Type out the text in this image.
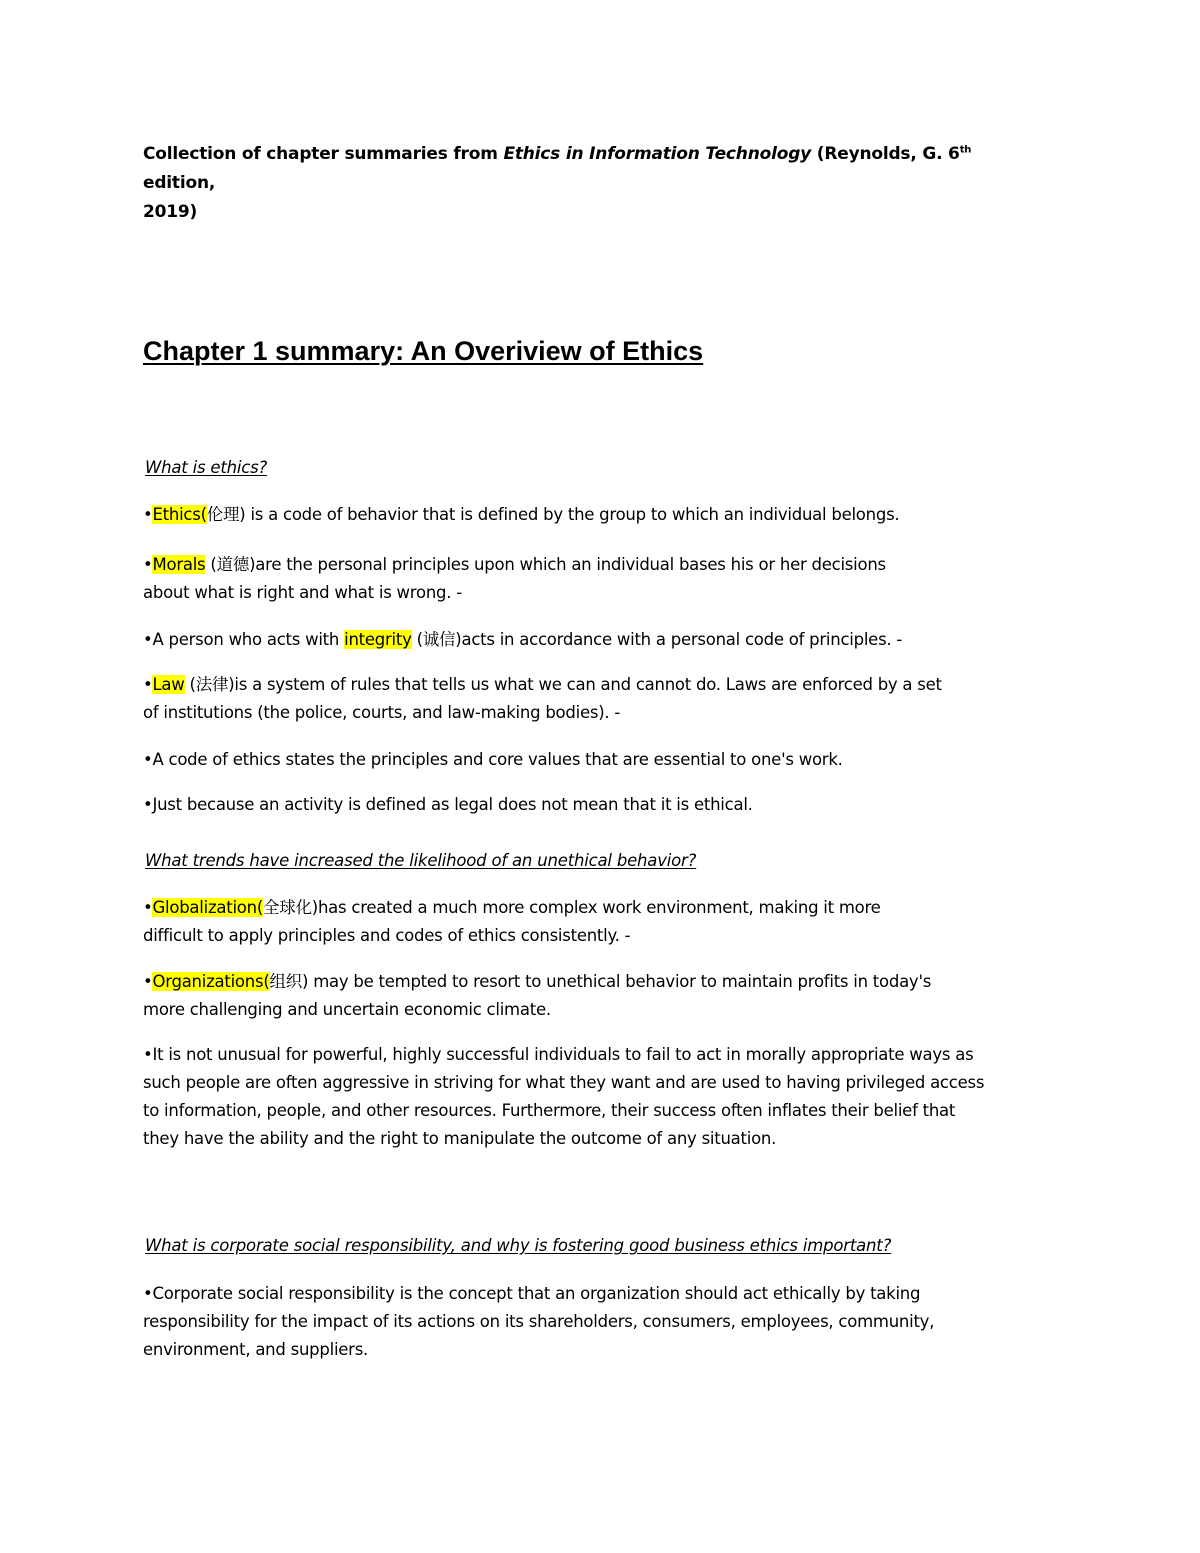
Collection of chapter summaries from Ethics in Information Technology (Reynolds, G. 6th edition,
2019)
Chapter 1 summary: An Overiview of Ethics

What is ethics?

•Ethics(伦理) is a code of behavior that is defined by the group to which an individual belongs.

•Morals (道德)are the personal principles upon which an individual bases his or her decisions
about what is right and what is wrong. -

•A person who acts with integrity (诚信)acts in accordance with a personal code of principles. -

•Law (法律)is a system of rules that tells us what we can and cannot do. Laws are enforced by a set
of institutions (the police, courts, and law-making bodies). -

•A code of ethics states the principles and core values that are essential to one's work.

•Just because an activity is defined as legal does not mean that it is ethical.

What trends have increased the likelihood of an unethical behavior?

•Globalization(全球化)has created a much more complex work environment, making it more
difficult to apply principles and codes of ethics consistently. -

•Organizations(组织) may be tempted to resort to unethical behavior to maintain profits in today's
more challenging and uncertain economic climate.

•It is not unusual for powerful, highly successful individuals to fail to act in morally appropriate ways as
such people are often aggressive in striving for what they want and are used to having privileged access
to information, people, and other resources. Furthermore, their success often inflates their belief that
they have the ability and the right to manipulate the outcome of any situation.

What is corporate social responsibility, and why is fostering good business ethics important?

•Corporate social responsibility is the concept that an organization should act ethically by taking
responsibility for the impact of its actions on its shareholders, consumers, employees, community,
environment, and suppliers.
